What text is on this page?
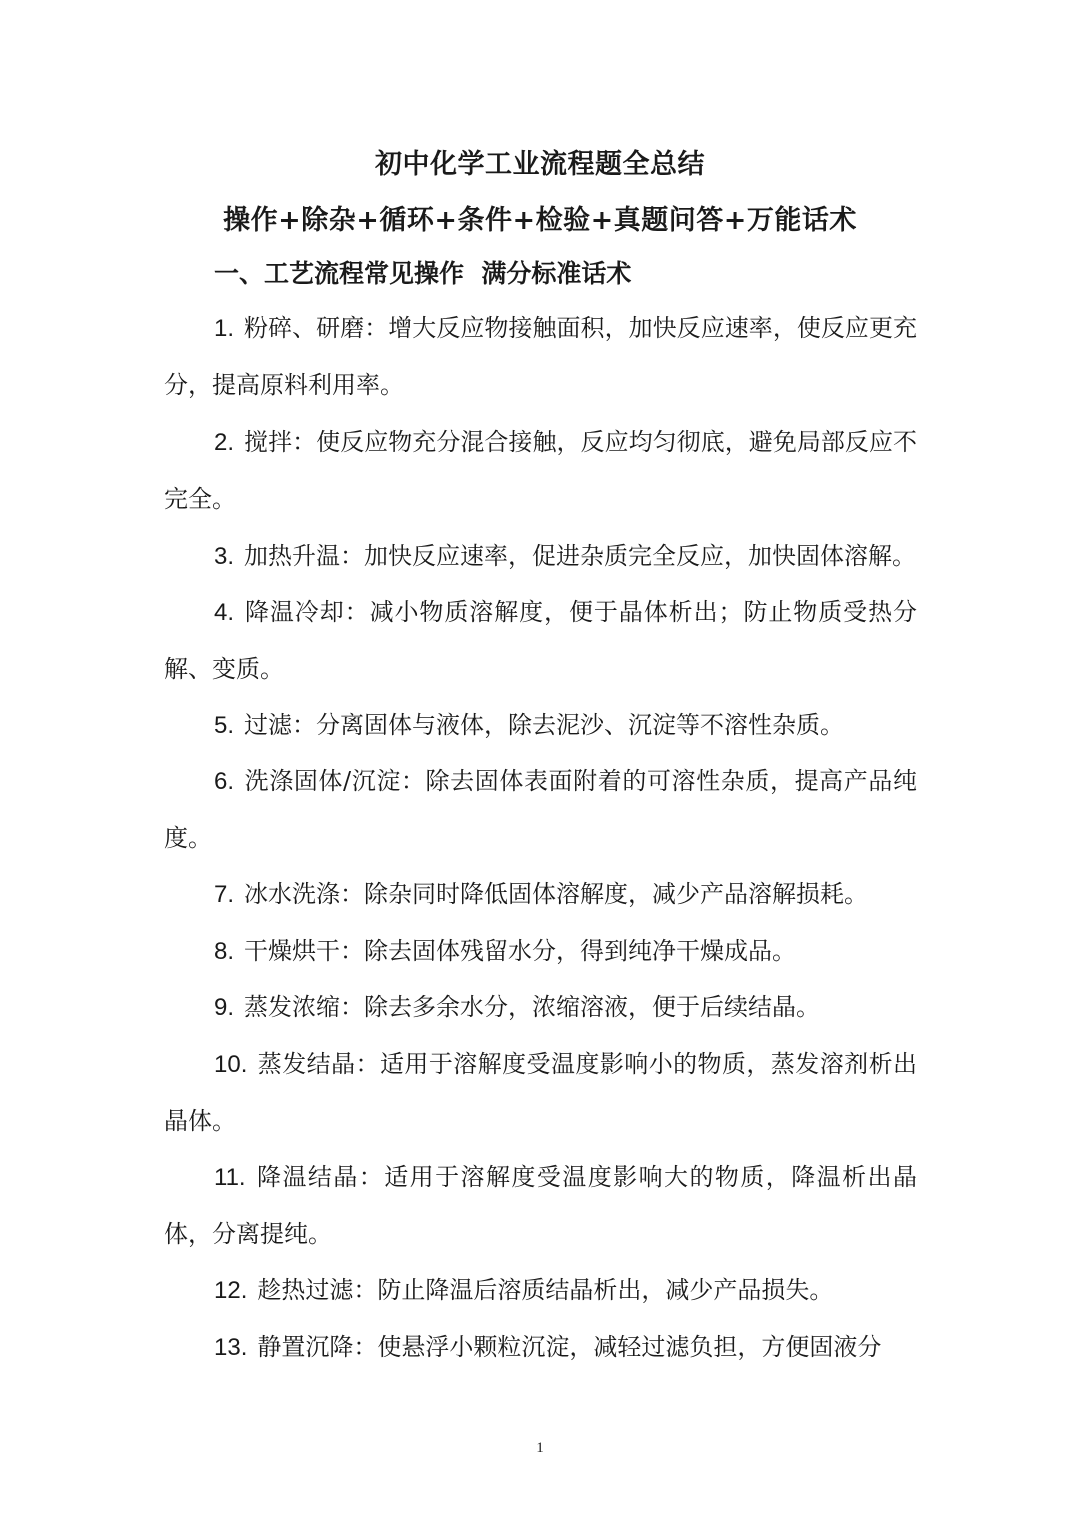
初中化学工业流程题全总结
操作+除杂+循环+条件+检验+真题问答+万能话术
一、工艺流程常见操作  满分标准话术
1. 粉碎、研磨：增大反应物接触面积，加快反应速率，使反应更充分，提高原料利用率。
2. 搅拌：使反应物充分混合接触，反应均匀彻底，避免局部反应不完全。
3. 加热升温：加快反应速率，促进杂质完全反应，加快固体溶解。
4. 降温冷却：减小物质溶解度，便于晶体析出；防止物质受热分解、变质。
5. 过滤：分离固体与液体，除去泥沙、沉淀等不溶性杂质。
6. 洗涤固体/沉淀：除去固体表面附着的可溶性杂质，提高产品纯度。
7. 冰水洗涤：除杂同时降低固体溶解度，减少产品溶解损耗。
8. 干燥烘干：除去固体残留水分，得到纯净干燥成品。
9. 蒸发浓缩：除去多余水分，浓缩溶液，便于后续结晶。
10. 蒸发结晶：适用于溶解度受温度影响小的物质，蒸发溶剂析出晶体。
11. 降温结晶：适用于溶解度受温度影响大的物质，降温析出晶体，分离提纯。
12. 趁热过滤：防止降温后溶质结晶析出，减少产品损失。
13. 静置沉降：使悬浮小颗粒沉淀，减轻过滤负担，方便固液分
1
